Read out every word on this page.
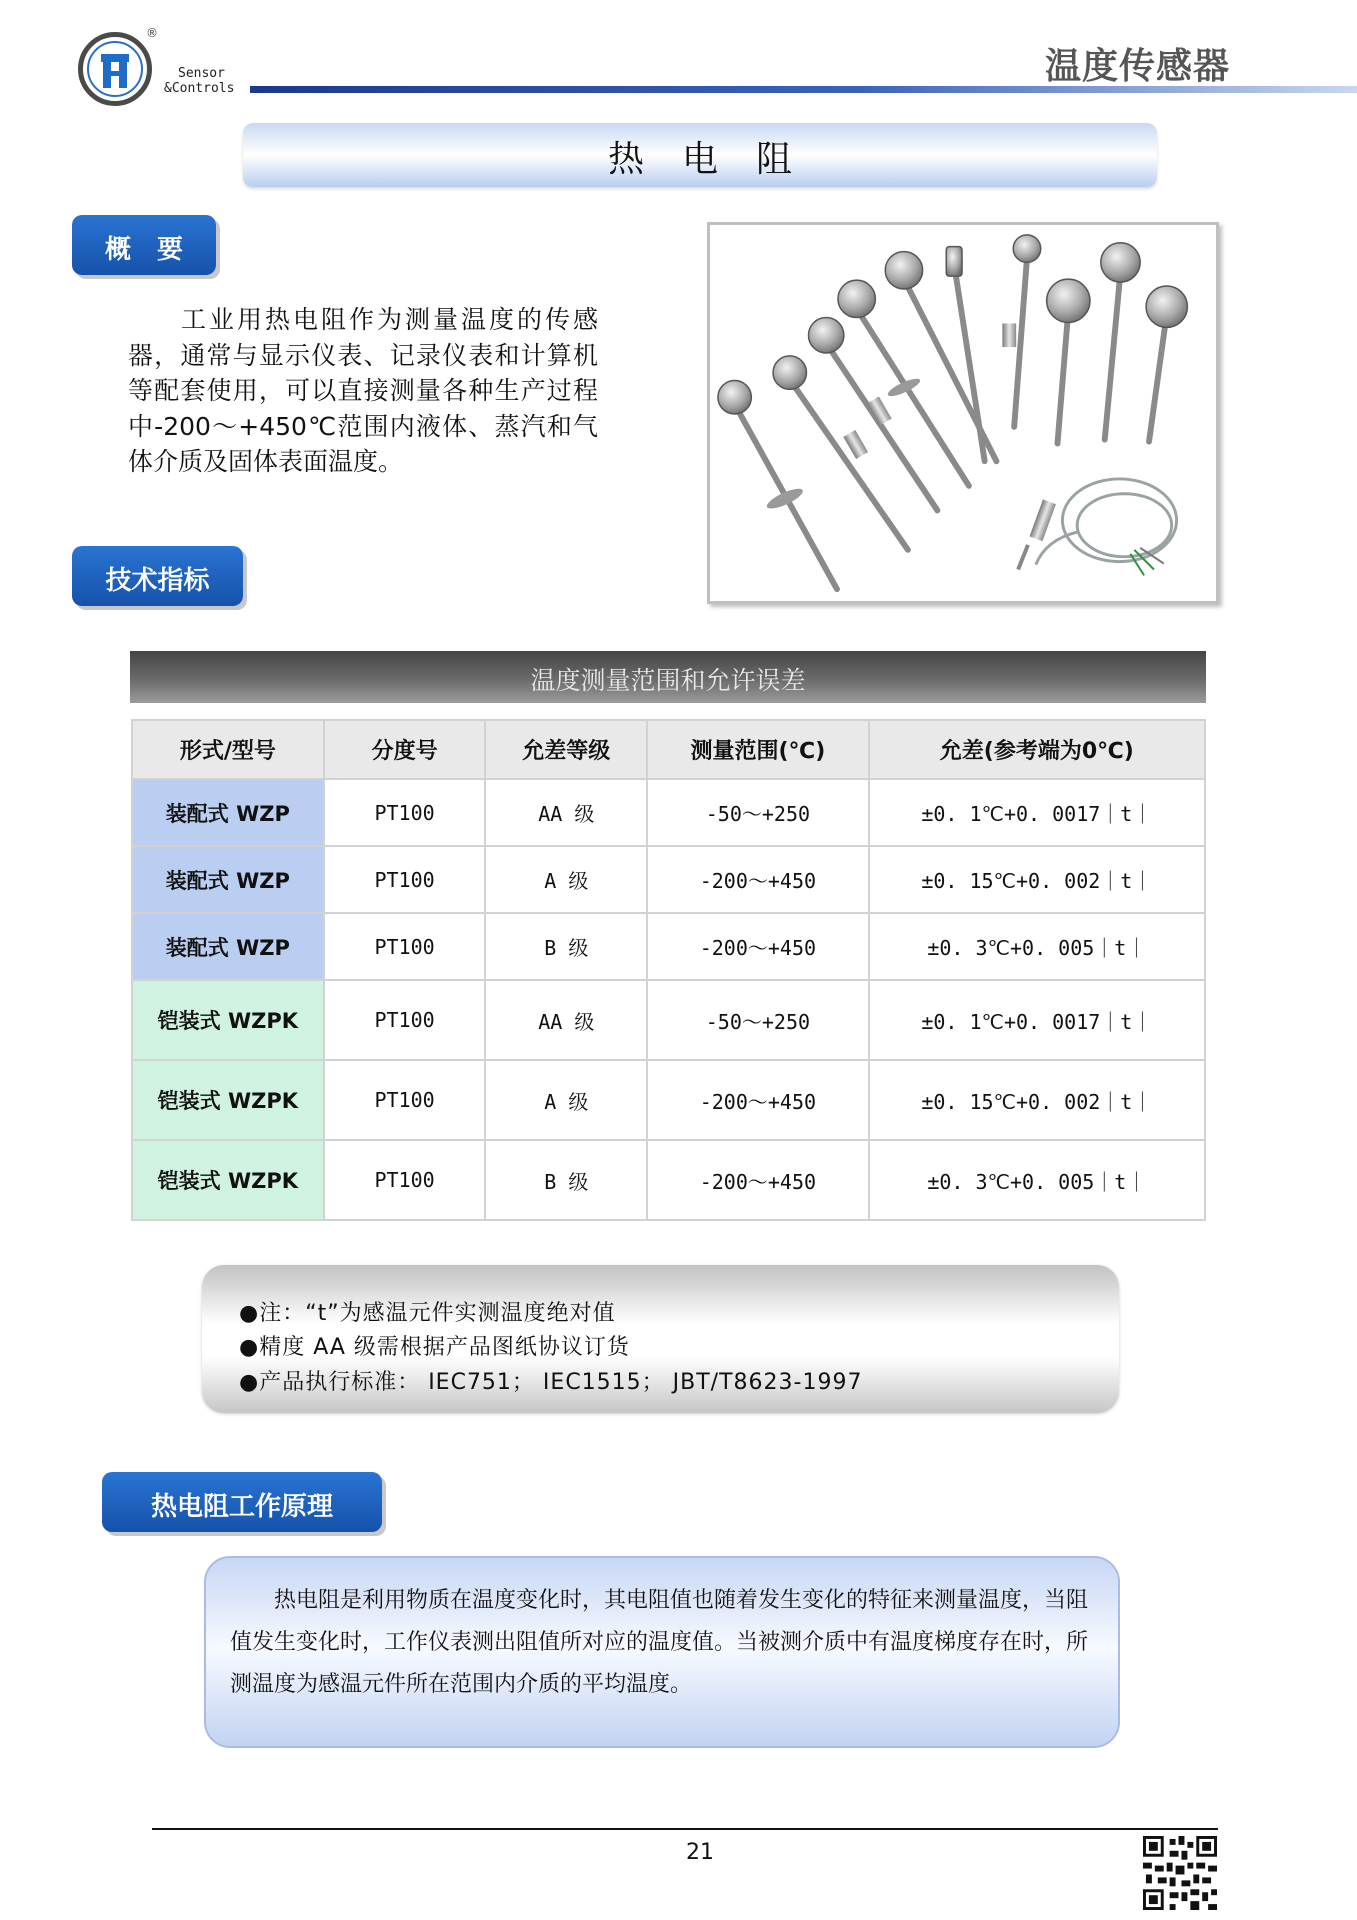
®
Sensor
&Controls
温度传感器
热电阻
概　要
工业用热电阻作为测量温度的传感器，通常与显示仪表、记录仪表和计算机等配套使用，可以直接测量各种生产过程中-200～+450℃范围内液体、蒸汽和气体介质及固体表面温度。
技术指标
温度测量范围和允许误差
形式/型号	分度号	允差等级	测量范围(℃)	允差(参考端为0℃)
装配式 WZP	PT100	AA 级	-50～+250	±0. 1℃+0. 0017｜t｜
装配式 WZP	PT100	A 级	-200～+450	±0. 15℃+0. 002｜t｜
装配式 WZP	PT100	B 级	-200～+450	±0. 3℃+0. 005｜t｜
铠装式 WZPK	PT100	AA 级	-50～+250	±0. 1℃+0. 0017｜t｜
铠装式 WZPK	PT100	A 级	-200～+450	±0. 15℃+0. 002｜t｜
铠装式 WZPK	PT100	B 级	-200～+450	±0. 3℃+0. 005｜t｜
●注：“t”为感温元件实测温度绝对值
●精度 AA 级需根据产品图纸协议订货
●产品执行标准： IEC751； IEC1515； JBT/T8623-1997
热电阻工作原理

　　热电阻是利用物质在温度变化时，其电阻值也随着发生变化的特征来测量温度，当阻值发生变化时，工作仪表测出阻值所对应的温度值。当被测介质中有温度梯度存在时，所测温度为感温元件所在范围内介质的平均温度。

21
